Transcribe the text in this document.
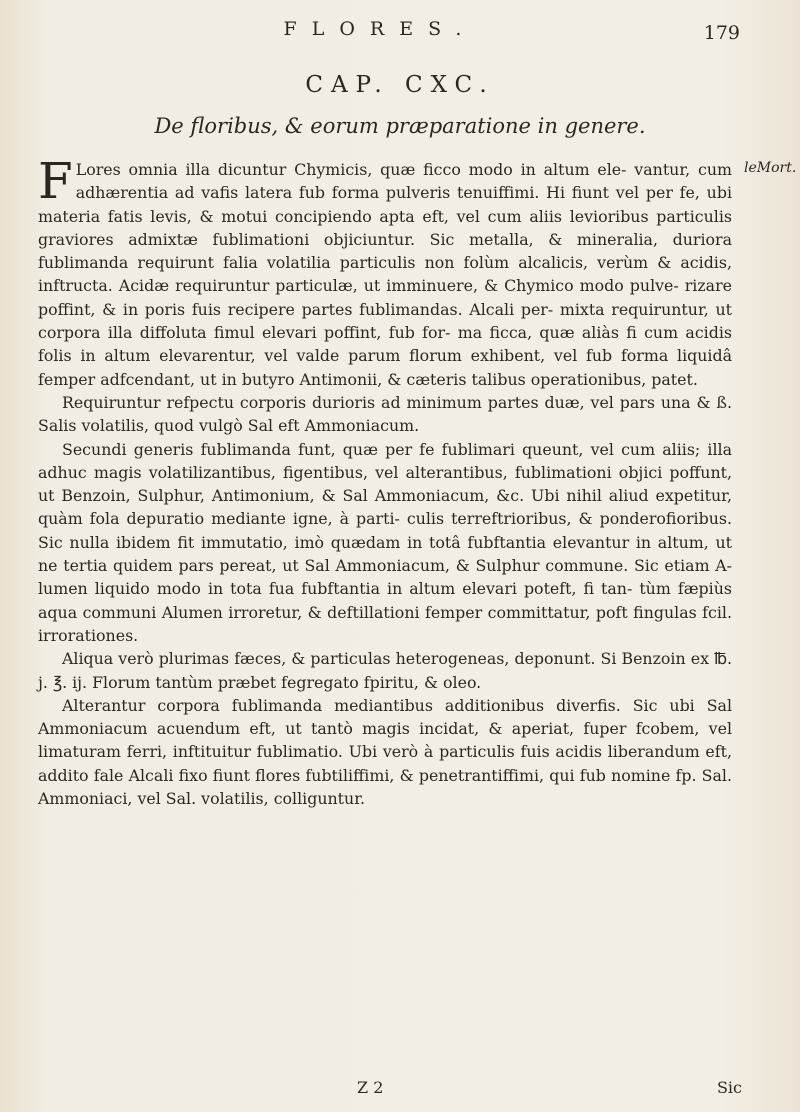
FLORES.	179
CAP. CXC.
De floribus, & eorum præparatione in genere.
leMort.

F Lores omnia illa dicuntur Chymicis, quæ ficco modo in altum ele- vantur, cum adhærentia ad vafis latera fub forma pulveris tenuiffimi. Hi fiunt vel per fe, ubi materia fatis levis, & motui concipiendo apta eft, vel cum aliis levioribus particulis graviores admixtæ fublimationi objiciuntur. Sic metalla, & mineralia, duriora fublimanda requirunt falia volatilia particulis non folùm alcalicis, verùm & acidis, inftructa. Acidæ requiruntur particulæ, ut imminuere, & Chymico modo pulve- rizare poffint, & in poris fuis recipere partes fublimandas. Alcali per- mixta requiruntur, ut corpora illa diffoluta fimul elevari poffint, fub for- ma ficca, quæ aliàs fi cum acidis folis in altum elevarentur, vel valde parum florum exhibent, vel fub forma liquidâ femper adfcendant, ut in butyro Antimonii, & cæteris talibus operationibus, patet.

Requiruntur refpectu corporis durioris ad minimum partes duæ, vel pars una & ß. Salis volatilis, quod vulgò Sal eft Ammoniacum.

Secundi generis fublimanda funt, quæ per fe fublimari queunt, vel cum aliis; illa adhuc magis volatilizantibus, figentibus, vel alterantibus, fublimationi objici poffunt, ut Benzoin, Sulphur, Antimonium, & Sal Ammoniacum, &c. Ubi nihil aliud expetitur, quàm fola depuratio mediante igne, à parti- culis terreftrioribus, & ponderofioribus. Sic nulla ibidem fit immutatio, imò quædam in totâ fubftantia elevantur in altum, ut ne tertia quidem pars pereat, ut Sal Ammoniacum, & Sulphur commune. Sic etiam A- lumen liquido modo in tota fua fubftantia in altum elevari poteft, fi tan- tùm fæpiùs aqua communi Alumen irroretur, & deftillationi femper committatur, poft fingulas fcil. irrorationes.

Aliqua verò plurimas fæces, & particulas heterogeneas, deponunt. Si Benzoin ex ℔. j. ℥. ij. Florum tantùm præbet fegregato fpiritu, & oleo.

Alterantur corpora fublimanda mediantibus additionibus diverfis. Sic ubi Sal Ammoniacum acuendum eft, ut tantò magis incidat, & aperiat, fuper fcobem, vel limaturam ferri, inftituitur fublimatio. Ubi verò à particulis fuis acidis liberandum eft, addito fale Alcali fixo fiunt flores fubtiliffimi, & penetrantiffimi, qui fub nomine fp. Sal. Ammoniaci, vel Sal. volatilis, colliguntur.

Z 2	Sic
